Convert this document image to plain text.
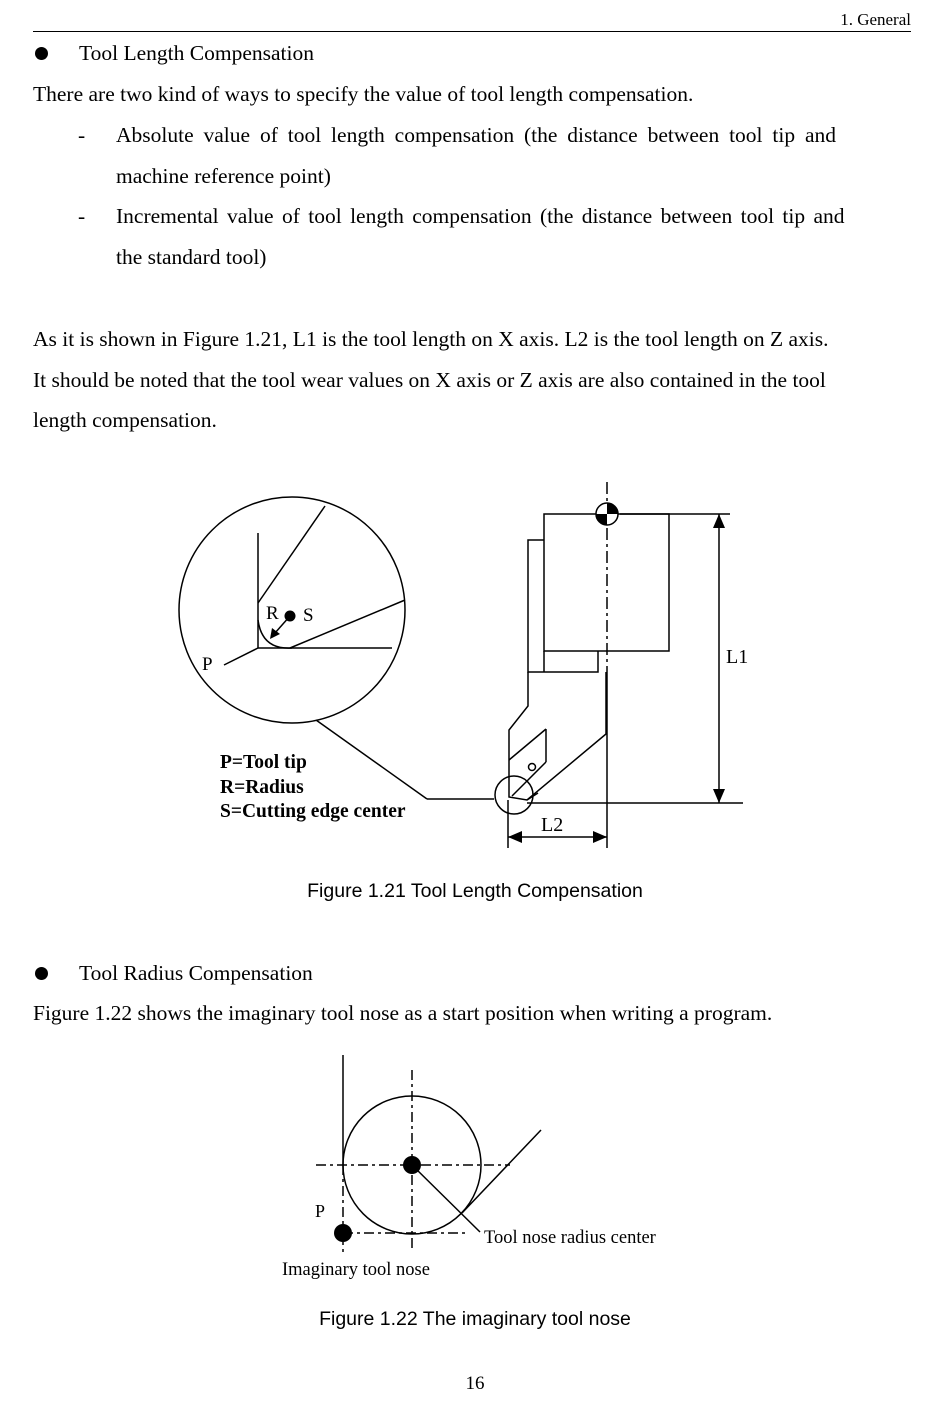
1. General
Tool Length Compensation
There are two kind of ways to specify the value of tool length compensation.
- Absolute value of tool length compensation (the distance between tool tip and
machine reference point)
- Incremental value of tool length compensation (the distance between tool tip and
the standard tool)
As it is shown in Figure 1.21, L1 is the tool length on X axis. L2 is the tool length on Z axis.
It should be noted that the tool wear values on X axis or Z axis are also contained in the tool
length compensation.
R S
P	L1
L2
P=Tool tip
R=Radius
S=Cutting edge center
P
Tool nose radius center
Imaginary tool nose
Figure 1.21 Tool Length Compensation
Tool Radius Compensation
Figure 1.22 shows the imaginary tool nose as a start position when writing a program.
Figure 1.22 The imaginary tool nose
16
